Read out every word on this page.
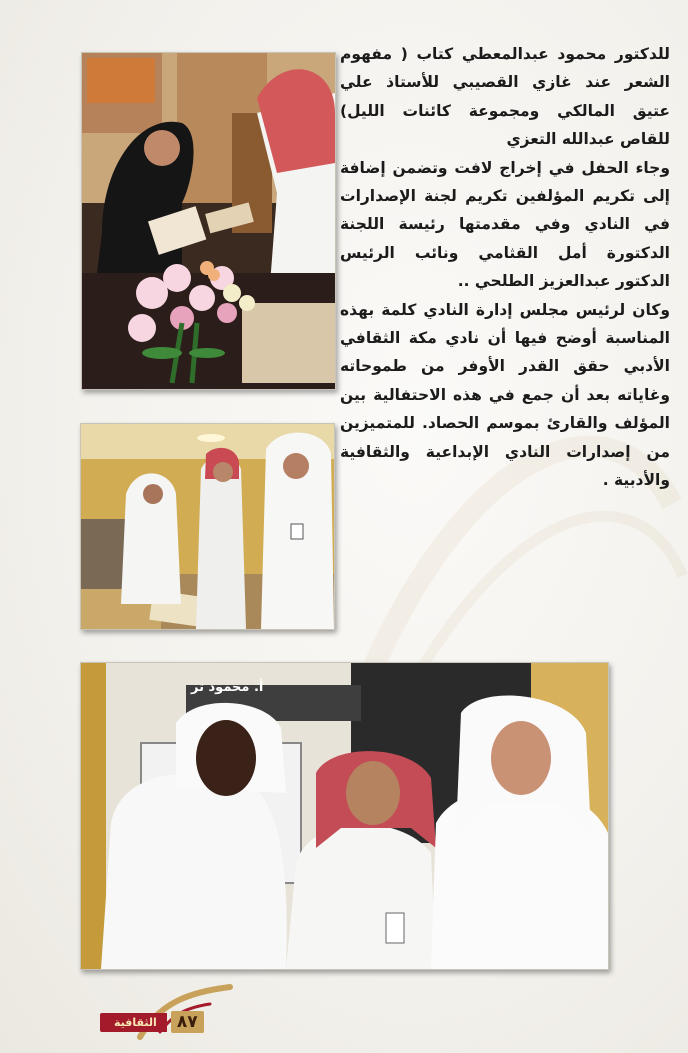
للدكتور محمود عبدالمعطي كتاب ( مفهوم الشعر عند غازي القصيبي للأستاذ علي عتيق المالكي ومجموعة كائنات الليل) للقاص عبدالله التعزي

وجاء الحفل في إخراج لافت وتضمن إضافة إلى تكريم المؤلفين تكريم لجنة الإصدارات في النادي وفي مقدمتها رئيسة اللجنة الدكتورة أمل القثامي ونائب الرئيس الدكتور عبدالعزيز الطلحي ..

وكان لرئيس مجلس إدارة النادي كلمة بهذه المناسبة أوضح فيها أن نادي مكة الثقافي الأدبي حقق القدر الأوفر من طموحاته وغاياته بعد أن جمع في هذه الاحتفالية بين المؤلف والقارئ بموسم الحصاد. للمتميزين من إصدارات النادي الإبداعية والثقافية والأدبية .

أ. محمود تر
الثقافية	٨٧
